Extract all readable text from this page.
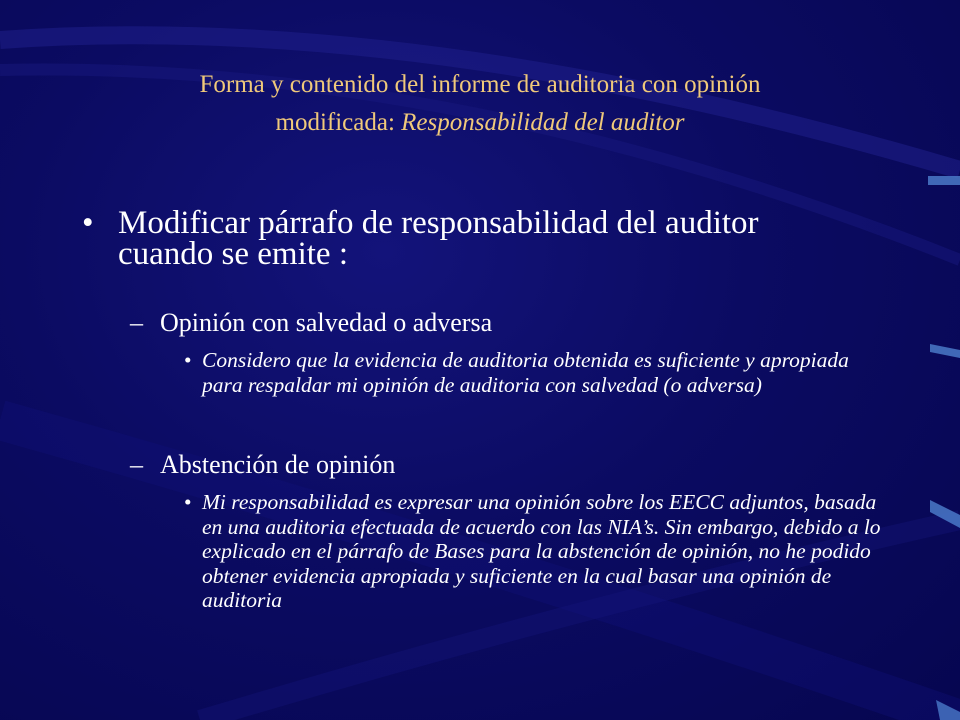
Forma y contenido del informe de auditoria con opinión
modificada: Responsabilidad del auditor
• Modificar párrafo de responsabilidad del auditor cuando se emite :
– Opinión con salvedad o adversa
• Considero que la evidencia de auditoria obtenida es suficiente y apropiada para respaldar mi opinión de auditoria con salvedad (o adversa)
– Abstención de opinión
• Mi responsabilidad es expresar una opinión sobre los EECC adjuntos, basada en una auditoria efectuada de acuerdo con las NIA’s. Sin embargo, debido a lo explicado en el párrafo de Bases para la abstención de opinión, no he podido obtener evidencia apropiada y suficiente en la cual basar una opinión de auditoria
